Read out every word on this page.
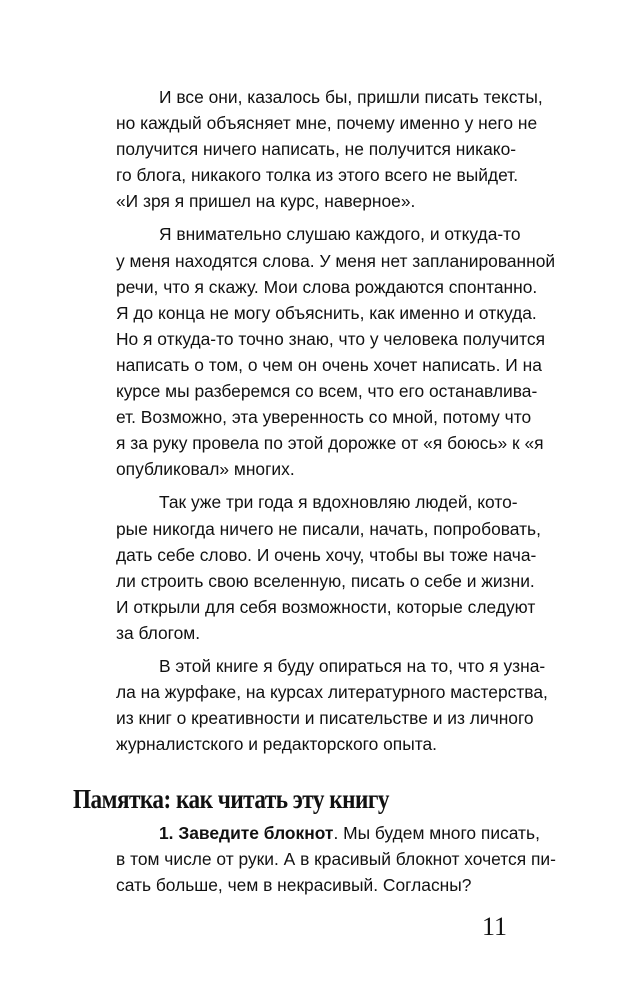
И все они, казалось бы, пришли писать тексты,
но каждый объясняет мне, почему именно у него не
получится ничего написать, не получится никако-
го блога, никакого толка из этого всего не выйдет.
«И зря я пришел на курс, наверное».
Я внимательно слушаю каждого, и откуда-то
у меня находятся слова. У меня нет запланированной
речи, что я скажу. Мои слова рождаются спонтанно.
Я до конца не могу объяснить, как именно и откуда.
Но я откуда-то точно знаю, что у человека получится
написать о том, о чем он очень хочет написать. И на
курсе мы разберемся со всем, что его останавлива-
ет. Возможно, эта уверенность со мной, потому что
я за руку провела по этой дорожке от «я боюсь» к «я
опубликовал» многих.
Так уже три года я вдохновляю людей, кото-
рые никогда ничего не писали, начать, попробовать,
дать себе слово. И очень хочу, чтобы вы тоже нача-
ли строить свою вселенную, писать о себе и жизни.
И открыли для себя возможности, которые следуют
за блогом.
В этой книге я буду опираться на то, что я узна-
ла на журфаке, на курсах литературного мастерства,
из книг о креативности и писательстве и из личного
журналистского и редакторского опыта.
Памятка: как читать эту книгу
1. Заведите блокнот. Мы будем много писать,
в том числе от руки. А в красивый блокнот хочется пи-
сать больше, чем в некрасивый. Согласны?
11
